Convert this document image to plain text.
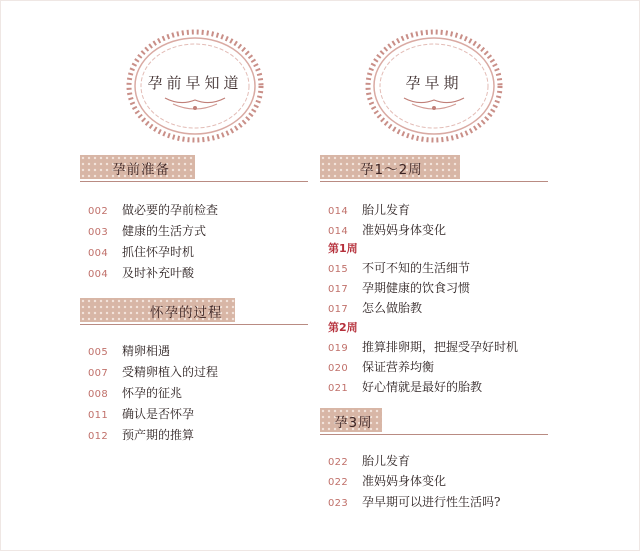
孕前早知道
孕前准备
002 做必要的孕前检查
003 健康的生活方式
004 抓住怀孕时机
004 及时补充叶酸
怀孕的过程
005 精卵相遇
007 受精卵植入的过程
008 怀孕的征兆
011 确认是否怀孕
012 预产期的推算
孕早期
孕1～2周
014 胎儿发育
014 准妈妈身体变化
第1周
015 不可不知的生活细节
017 孕期健康的饮食习惯
017 怎么做胎教
第2周
019 推算排卵期，把握受孕好时机
020 保证营养均衡
021 好心情就是最好的胎教
孕3周
022 胎儿发育
022 准妈妈身体变化
023 孕早期可以进行性生活吗?
